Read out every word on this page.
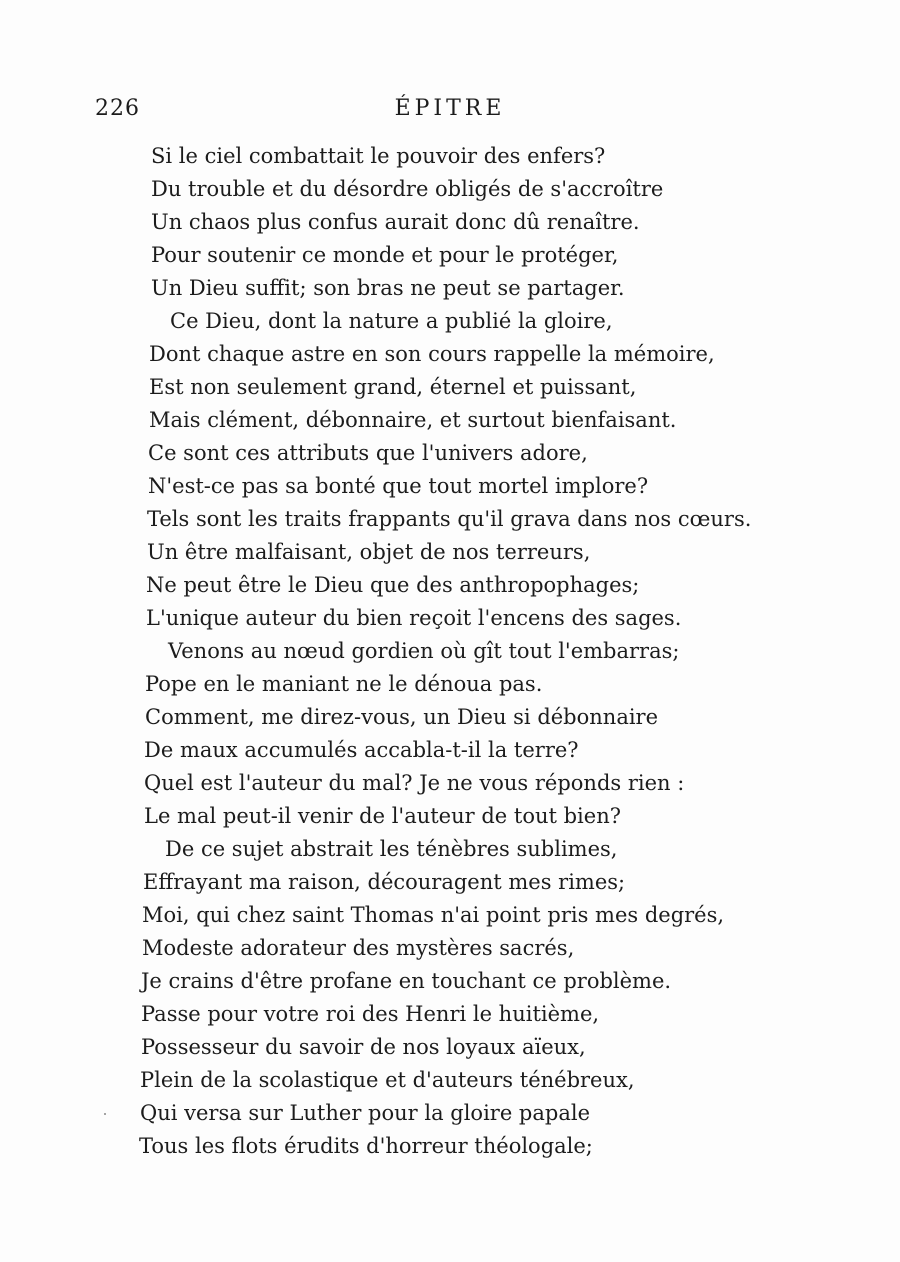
226	ÉPITRE
Si le ciel combattait le pouvoir des enfers?
Du trouble et du désordre obligés de s'accroître
Un chaos plus confus aurait donc dû renaître.
Pour soutenir ce monde et pour le protéger,
Un Dieu suffit; son bras ne peut se partager.
Ce Dieu, dont la nature a publié la gloire,
Dont chaque astre en son cours rappelle la mémoire,
Est non seulement grand, éternel et puissant,
Mais clément, débonnaire, et surtout bienfaisant.
Ce sont ces attributs que l'univers adore,
N'est-ce pas sa bonté que tout mortel implore?
Tels sont les traits frappants qu'il grava dans nos cœurs.
Un être malfaisant, objet de nos terreurs,
Ne peut être le Dieu que des anthropophages;
L'unique auteur du bien reçoit l'encens des sages.
Venons au nœud gordien où gît tout l'embarras;
Pope en le maniant ne le dénoua pas.
Comment, me direz-vous, un Dieu si débonnaire
De maux accumulés accabla-t-il la terre?
Quel est l'auteur du mal? Je ne vous réponds rien :
Le mal peut-il venir de l'auteur de tout bien?
De ce sujet abstrait les ténèbres sublimes,
Effrayant ma raison, découragent mes rimes;
Moi, qui chez saint Thomas n'ai point pris mes degrés,
Modeste adorateur des mystères sacrés,
Je crains d'être profane en touchant ce problème.
Passe pour votre roi des Henri le huitième,
Possesseur du savoir de nos loyaux aïeux,
Plein de la scolastique et d'auteurs ténébreux,
Qui versa sur Luther pour la gloire papale
Tous les flots érudits d'horreur théologale;
